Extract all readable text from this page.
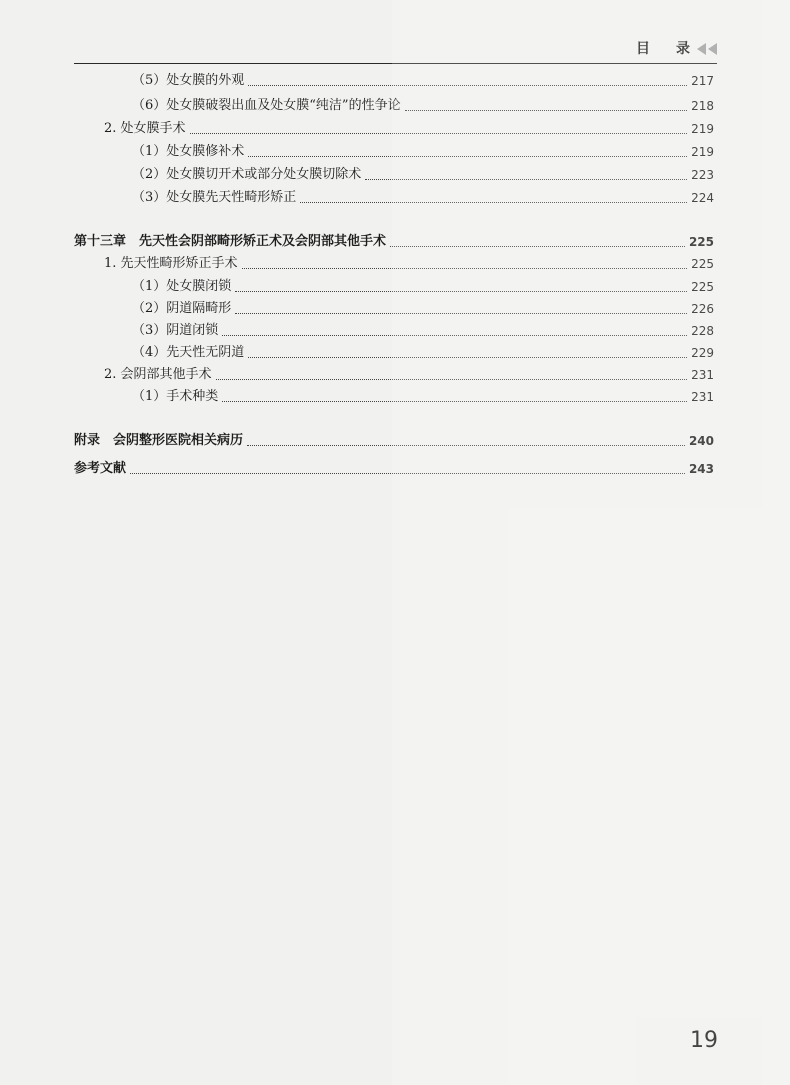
目录
（5）处女膜的外观	217
（6）处女膜破裂出血及处女膜“纯洁”的性争论	218
2. 处女膜手术	219
（1）处女膜修补术	219
（2）处女膜切开术或部分处女膜切除术	223
（3）处女膜先天性畸形矫正	224
第十三章　先天性会阴部畸形矫正术及会阴部其他手术	225
1. 先天性畸形矫正手术	225
（1）处女膜闭锁	225
（2）阴道隔畸形	226
（3）阴道闭锁	228
（4）先天性无阴道	229
2. 会阴部其他手术	231
（1）手术种类	231
附录　会阴整形医院相关病历	240
参考文献	243
19
